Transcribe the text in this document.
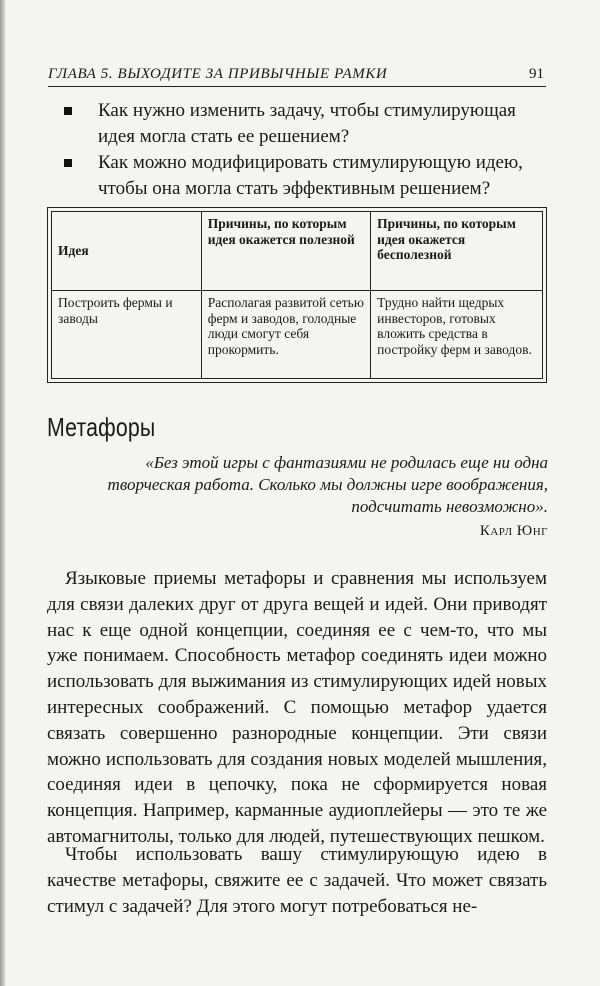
ГЛАВА 5. ВЫХОДИТЕ ЗА ПРИВЫЧНЫЕ РАМКИ	91
Как нужно изменить задачу, чтобы стимулирующая идея могла стать ее решением?
Как можно модифицировать стимулирующую идею, чтобы она могла стать эффективным решением?
Идея	Причины, по которым идея окажется полезной	Причины, по которым идея окажется бесполезной
Построить фермы и заводы	Располагая развитой сетью ферм и заводов, голодные люди смогут себя прокормить.	Трудно найти щедрых инвесторов, готовых вложить средства в постройку ферм и заводов.
Метафоры
«Без этой игры с фантазиями не родилась еще ни одна творческая работа. Сколько мы должны игре воображения, подсчитать невозможно».
Карл Юнг

Языковые приемы метафоры и сравнения мы используем для связи далеких друг от друга вещей и идей. Они приводят нас к еще одной концепции, соединяя ее с чем-то, что мы уже понимаем. Способность метафор соединять идеи можно использовать для выжимания из стимулирующих идей новых интересных соображений. С помощью метафор удается связать совершенно разнородные концепции. Эти связи можно использовать для создания новых моделей мышления, соединяя идеи в цепочку, пока не сформируется новая концепция. Например, карманные аудиоплейеры — это те же автомагнитолы, только для людей, путешествующих пешком.

Чтобы использовать вашу стимулирующую идею в качестве метафоры, свяжите ее с задачей. Что может связать стимул с задачей? Для этого могут потребоваться не-
